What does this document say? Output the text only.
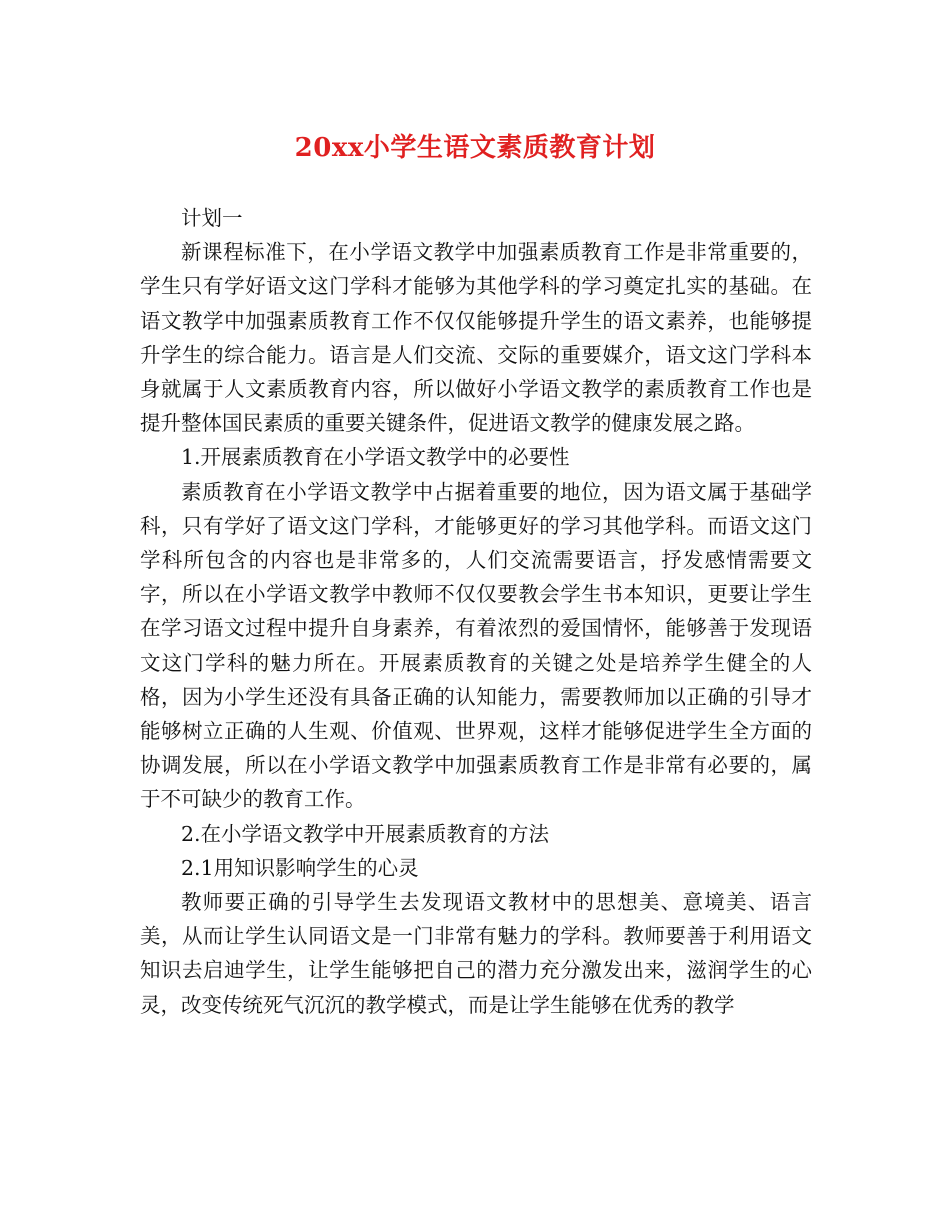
20xx小学生语文素质教育计划

计划一

新课程标准下，在小学语文教学中加强素质教育工作是非常重要的，学生只有学好语文这门学科才能够为其他学科的学习奠定扎实的基础。在语文教学中加强素质教育工作不仅仅能够提升学生的语文素养，也能够提升学生的综合能力。语言是人们交流、交际的重要媒介，语文这门学科本身就属于人文素质教育内容，所以做好小学语文教学的素质教育工作也是提升整体国民素质的重要关键条件，促进语文教学的健康发展之路。

1.开展素质教育在小学语文教学中的必要性

素质教育在小学语文教学中占据着重要的地位，因为语文属于基础学科，只有学好了语文这门学科，才能够更好的学习其他学科。而语文这门学科所包含的内容也是非常多的，人们交流需要语言，抒发感情需要文字，所以在小学语文教学中教师不仅仅要教会学生书本知识，更要让学生在学习语文过程中提升自身素养，有着浓烈的爱国情怀，能够善于发现语文这门学科的魅力所在。开展素质教育的关键之处是培养学生健全的人格，因为小学生还没有具备正确的认知能力，需要教师加以正确的引导才能够树立正确的人生观、价值观、世界观，这样才能够促进学生全方面的协调发展，所以在小学语文教学中加强素质教育工作是非常有必要的，属于不可缺少的教育工作。

2.在小学语文教学中开展素质教育的方法

2.1用知识影响学生的心灵

教师要正确的引导学生去发现语文教材中的思想美、意境美、语言美，从而让学生认同语文是一门非常有魅力的学科。教师要善于利用语文知识去启迪学生，让学生能够把自己的潜力充分激发出来，滋润学生的心灵，改变传统死气沉沉的教学模式，而是让学生能够在优秀的教学
